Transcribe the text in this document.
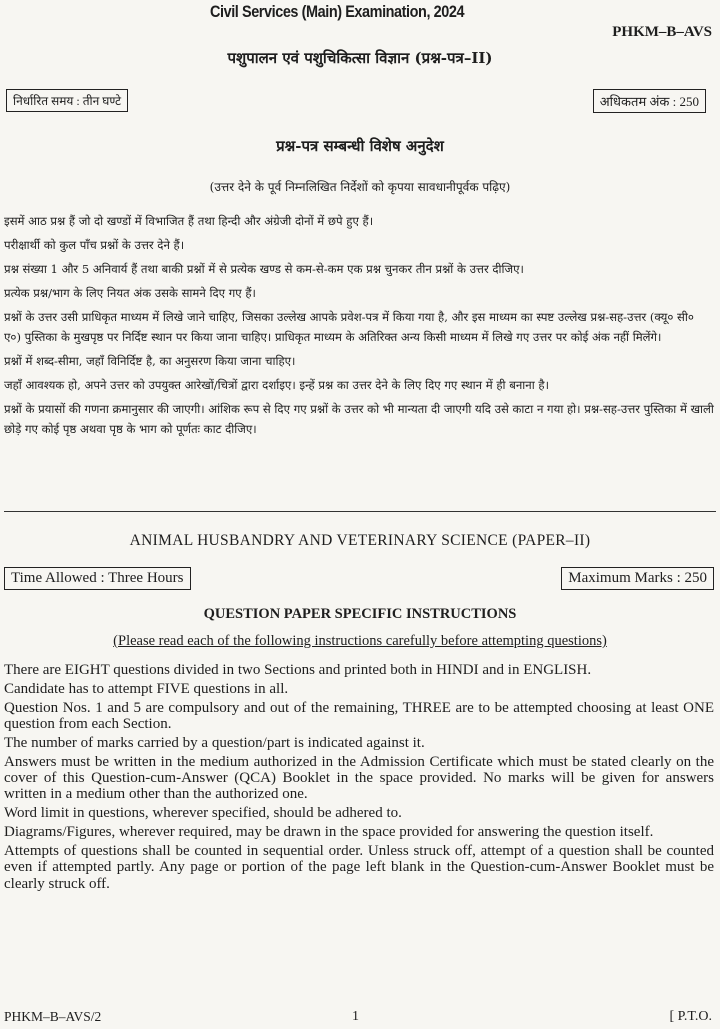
Civil Services (Main) Examination, 2024
PHKM–B–AVS
पशुपालन एवं पशुचिकित्सा विज्ञान (प्रश्न-पत्र–II)
निर्धारित समय : तीन घण्टे	अधिकतम अंक : 250
प्रश्न-पत्र सम्बन्धी विशेष अनुदेश
(उत्तर देने के पूर्व निम्नलिखित निर्देशों को कृपया सावधानीपूर्वक पढ़िए)

इसमें आठ प्रश्न हैं जो दो खण्डों में विभाजित हैं तथा हिन्दी और अंग्रेजी दोनों में छपे हुए हैं।

परीक्षार्थी को कुल पाँच प्रश्नों के उत्तर देने हैं।

प्रश्न संख्या 1 और 5 अनिवार्य हैं तथा बाकी प्रश्नों में से प्रत्येक खण्ड से कम-से-कम एक प्रश्न चुनकर तीन प्रश्नों के उत्तर दीजिए।

प्रत्येक प्रश्न/भाग के लिए नियत अंक उसके सामने दिए गए हैं।

प्रश्नों के उत्तर उसी प्राधिकृत माध्यम में लिखे जाने चाहिए, जिसका उल्लेख आपके प्रवेश-पत्र में किया गया है, और इस माध्यम का स्पष्ट उल्लेख प्रश्न-सह-उत्तर (क्यू० सी० ए०) पुस्तिका के मुखपृष्ठ पर निर्दिष्ट स्थान पर किया जाना चाहिए। प्राधिकृत माध्यम के अतिरिक्त अन्य किसी माध्यम में लिखे गए उत्तर पर कोई अंक नहीं मिलेंगे।

प्रश्नों में शब्द-सीमा, जहाँ विनिर्दिष्ट है, का अनुसरण किया जाना चाहिए।

जहाँ आवश्यक हो, अपने उत्तर को उपयुक्त आरेखों/चित्रों द्वारा दर्शाइए। इन्हें प्रश्न का उत्तर देने के लिए दिए गए स्थान में ही बनाना है।

प्रश्नों के प्रयासों की गणना क्रमानुसार की जाएगी। आंशिक रूप से दिए गए प्रश्नों के उत्तर को भी मान्यता दी जाएगी यदि उसे काटा न गया हो। प्रश्न-सह-उत्तर पुस्तिका में खाली छोड़े गए कोई पृष्ठ अथवा पृष्ठ के भाग को पूर्णतः काट दीजिए।

ANIMAL HUSBANDRY AND VETERINARY SCIENCE (PAPER–II)
Time Allowed : Three Hours	Maximum Marks : 250
QUESTION PAPER SPECIFIC INSTRUCTIONS
(Please read each of the following instructions carefully before attempting questions)

There are EIGHT questions divided in two Sections and printed both in HINDI and in ENGLISH.

Candidate has to attempt FIVE questions in all.

Question Nos. 1 and 5 are compulsory and out of the remaining, THREE are to be attempted choosing at least ONE question from each Section.

The number of marks carried by a question/part is indicated against it.

Answers must be written in the medium authorized in the Admission Certificate which must be stated clearly on the cover of this Question-cum-Answer (QCA) Booklet in the space provided. No marks will be given for answers written in a medium other than the authorized one.

Word limit in questions, wherever specified, should be adhered to.

Diagrams/Figures, wherever required, may be drawn in the space provided for answering the question itself.

Attempts of questions shall be counted in sequential order. Unless struck off, attempt of a question shall be counted even if attempted partly. Any page or portion of the page left blank in the Question-cum-Answer Booklet must be clearly struck off.

PHKM–B–AVS/2	1	[ P.T.O.
